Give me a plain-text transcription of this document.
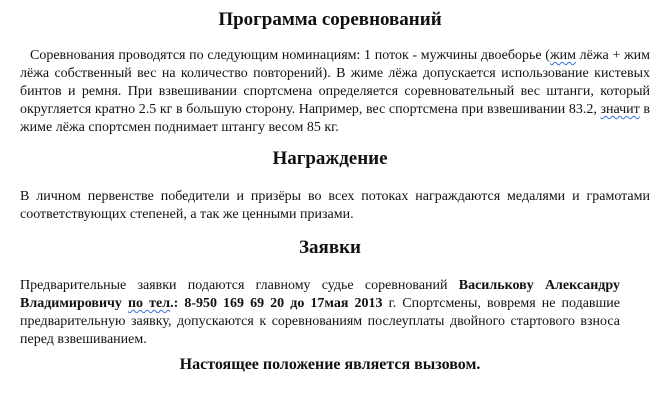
Программа соревнований

Соревнования проводятся по следующим номинациям: 1 поток - мужчины двоеборье (жим лёжа + жим лёжа собственный вес на количество повторений). В жиме лёжа допускается использование кистевых бинтов и ремня. При взвешивании спортсмена определяется соревновательный вес штанги, который округляется кратно 2.5 кг в большую сторону. Например, вес спортсмена при взвешивании 83.2, значит в жиме лёжа спортсмен поднимает штангу весом 85 кг.

Награждение

В личном первенстве победители и призёры во всех потоках награждаются медалями и грамотами соответствующих степеней, а так же ценными призами.

Заявки

Предварительные заявки подаются главному судье соревнований Васильковy Александру Владимировичу по тел.: 8-950 169 69 20 до 17мая 2013 г. Спортсмены, вовремя не подавшие предварительную заявку, допускаются к соревнованиям послеуплаты двойного стартового взноса перед взвешиванием.

Настоящее положение является вызовом.
